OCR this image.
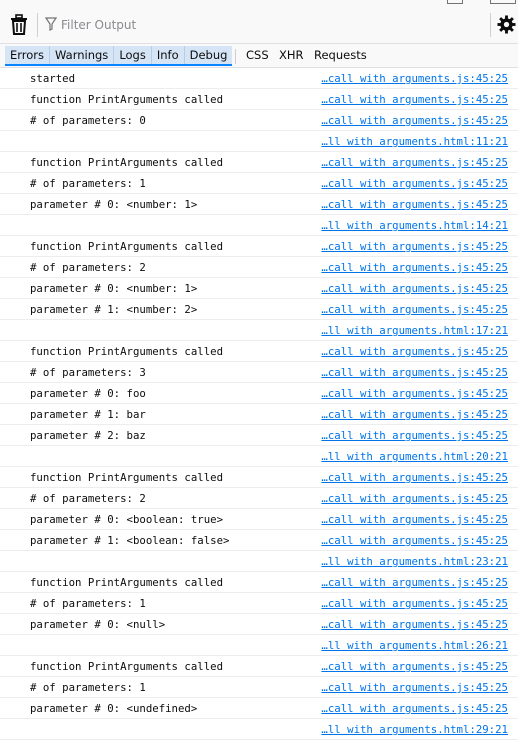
Filter Output
Errors Warnings Logs Info Debug	CSS XHR Requests
started	…call with arguments.js:45:25
function PrintArguments called	…call with arguments.js:45:25
# of parameters: 0	…call with arguments.js:45:25
…ll with arguments.html:11:21
function PrintArguments called	…call with arguments.js:45:25
# of parameters: 1	…call with arguments.js:45:25
parameter # 0: <number: 1>	…call with arguments.js:45:25
…ll with arguments.html:14:21
function PrintArguments called	…call with arguments.js:45:25
# of parameters: 2	…call with arguments.js:45:25
parameter # 0: <number: 1>	…call with arguments.js:45:25
parameter # 1: <number: 2>	…call with arguments.js:45:25
…ll with arguments.html:17:21
function PrintArguments called	…call with arguments.js:45:25
# of parameters: 3	…call with arguments.js:45:25
parameter # 0: foo	…call with arguments.js:45:25
parameter # 1: bar	…call with arguments.js:45:25
parameter # 2: baz	…call with arguments.js:45:25
…ll with arguments.html:20:21
function PrintArguments called	…call with arguments.js:45:25
# of parameters: 2	…call with arguments.js:45:25
parameter # 0: <boolean: true>	…call with arguments.js:45:25
parameter # 1: <boolean: false>	…call with arguments.js:45:25
…ll with arguments.html:23:21
function PrintArguments called	…call with arguments.js:45:25
# of parameters: 1	…call with arguments.js:45:25
parameter # 0: <null>	…call with arguments.js:45:25
…ll with arguments.html:26:21
function PrintArguments called	…call with arguments.js:45:25
# of parameters: 1	…call with arguments.js:45:25
parameter # 0: <undefined>	…call with arguments.js:45:25
…ll with arguments.html:29:21
